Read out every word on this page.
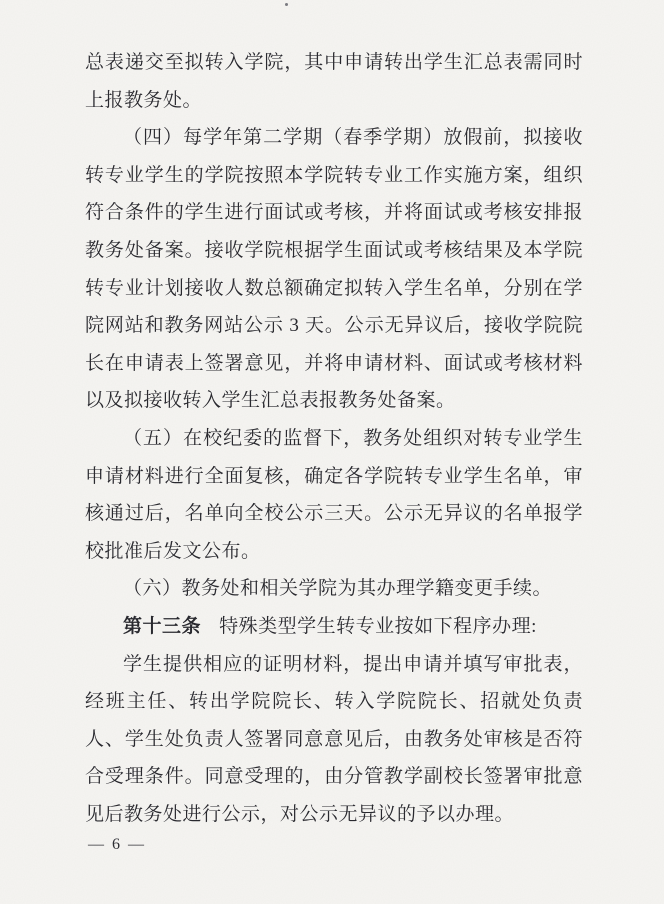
总表递交至拟转入学院，其中申请转出学生汇总表需同时上报教务处。

（四）每学年第二学期（春季学期）放假前，拟接收转专业学生的学院按照本学院转专业工作实施方案，组织符合条件的学生进行面试或考核，并将面试或考核安排报教务处备案。接收学院根据学生面试或考核结果及本学院转专业计划接收人数总额确定拟转入学生名单，分别在学院网站和教务网站公示 3 天。公示无异议后，接收学院院长在申请表上签署意见，并将申请材料、面试或考核材料以及拟接收转入学生汇总表报教务处备案。

（五）在校纪委的监督下，教务处组织对转专业学生申请材料进行全面复核，确定各学院转专业学生名单，审核通过后，名单向全校公示三天。公示无异议的名单报学校批准后发文公布。

（六）教务处和相关学院为其办理学籍变更手续。

第十三条 特殊类型学生转专业按如下程序办理:

学生提供相应的证明材料，提出申请并填写审批表，经班主任、转出学院院长、转入学院院长、招就处负责人、学生处负责人签署同意意见后，由教务处审核是否符合受理条件。同意受理的，由分管教学副校长签署审批意见后教务处进行公示，对公示无异议的予以办理。

— 6 —
